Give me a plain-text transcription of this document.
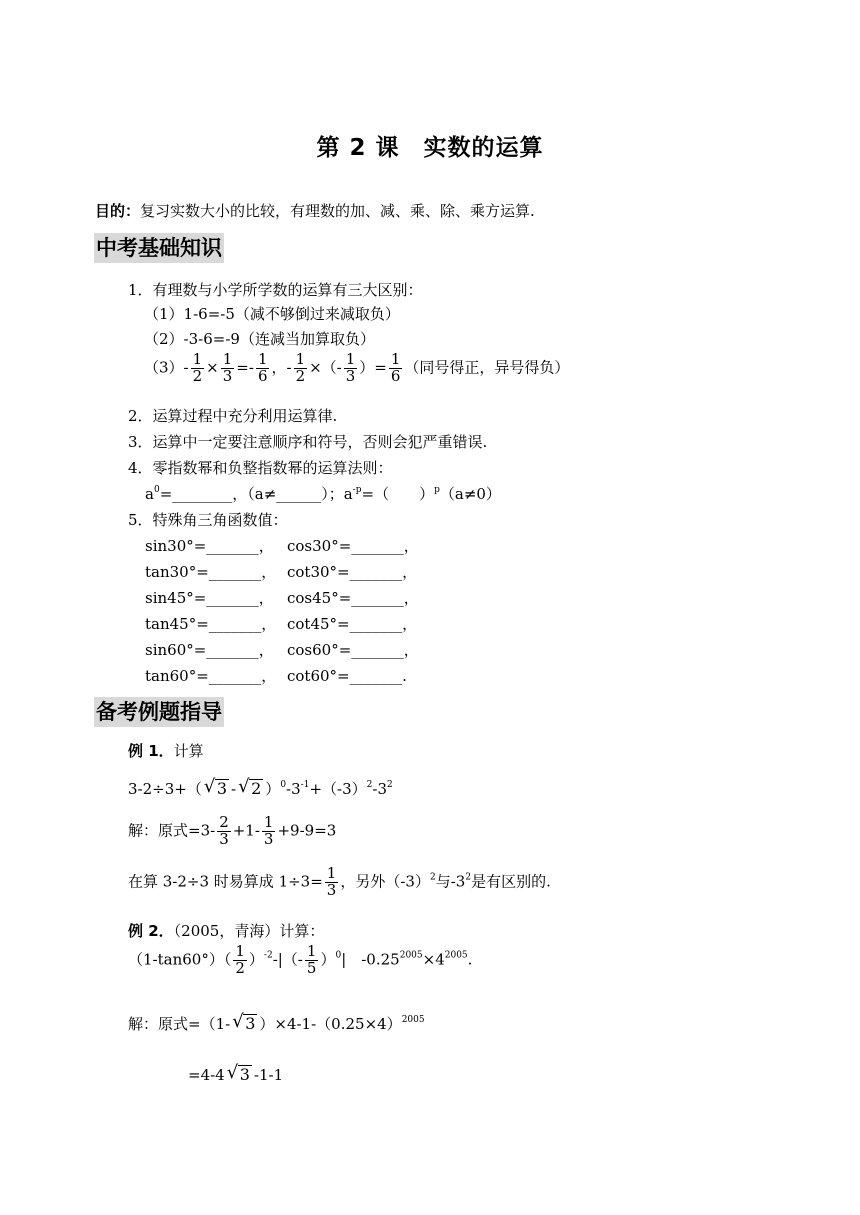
第 2 课　实数的运算
目的：复习实数大小的比较，有理数的加、减、乘、除、乘方运算.
中考基础知识
1．有理数与小学所学数的运算有三大区别：
（1）1-6=-5（减不够倒过来减取负）
（2）-3-6=-9（连减当加算取负）
$(3)- \frac{1}{2} \times \frac{1}{3} =- \frac{1}{6}$ ，- $\frac{1}{2}$ ×（- $\frac{1}{3}$ ）= $\frac{1}{6}$ （同号得正，异号得负）
2．运算过程中充分利用运算律.
3．运算中一定要注意顺序和符号，否则会犯严重错误.
4．零指数幂和负整指数幂的运算法则：
$a^0=\_\_\_\_\_\_\_\_$，（a≠______）；$a^{-p}=$（　　）$^p$（a≠0）
5．特殊角三角函数值：
sin30°=_______， cos30°=_______，
tan30°=_______， cot30°=_______，
sin45°=_______， cos45°=_______，
tan45°=_______， cot45°=_______，
sin60°=_______， cos60°=_______，
tan60°=_______， cot60°=_______.
备考例题指导
例 1．计算
3-2÷3+（ √ 3 - √ 2 ）$^0-3^{-1}+(-3)^2-3^2$
解：原式$=3- \frac{2}{3} +1- \frac{1}{3} +9-9=3$
在算 3-2÷3 时易算成 $1\div 3= \frac{1}{3}$ ，另外$(-3)^2$与$-3^2$是有区别的.
例 2．（2005，青海）计算：
$(1-\tan 60^\circ)( \frac{1}{2} )^{-2}-|(- \frac{1}{5} )^0|$　$-0.25^{2005}\times 4^{2005}$.
解：原式=（1- √ 3 ）$\times 4-1-(0.25\times 4)^{2005}$
=4-4 √ 3 -1-1
